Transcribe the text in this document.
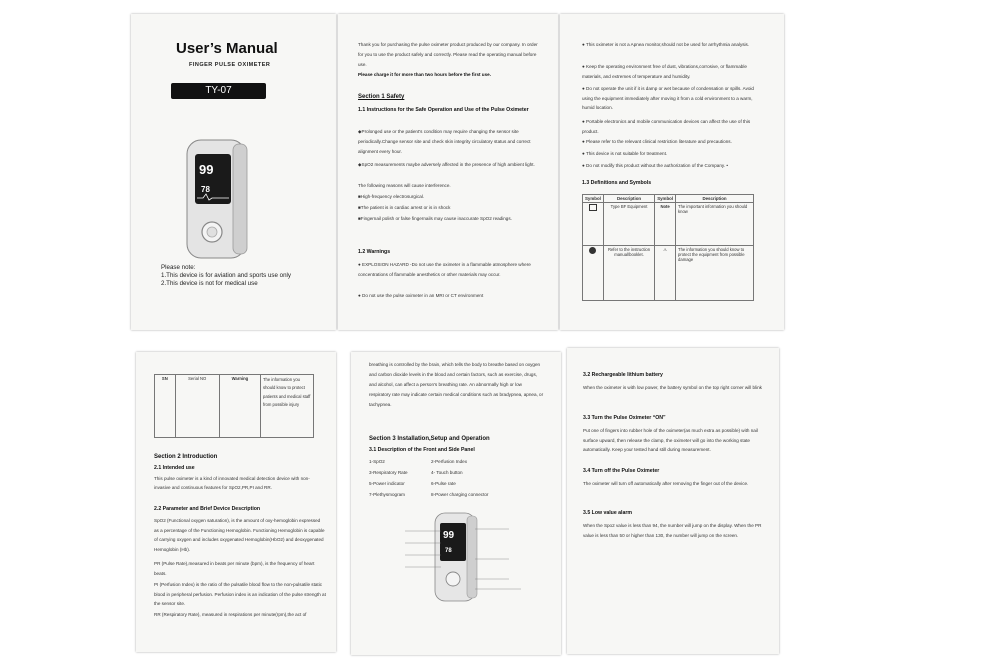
User’s Manual
FINGER PULSE OXIMETER
TY-07
99
78
Please note:
1.This device is for aviation and sports use only
2.This device is not for medical use
Thank you for purchasing the pulse oximeter product produced by our company. In order for you to use the product safely and correctly. Please read the operating manual before use.
Please charge it for more than two hours before the first use.
Section 1 Safety
1.1 Instructions for the Safe Operation and Use of the Pulse Oximeter
◆Prolonged use or the patient's condition may require changing the sensor site periodically.Change sensor site and check skin integrity circulatory status and correct alignment every hour.
◆SpO2 measurements maybe adversely affected in the presence of high ambient light.
The following reasons will cause interference.
■High-frequency electrosurgical.
■The patient is in cardiac arrest or is in shock
■Fingernail polish or false fingernails may cause inaccurate SpO2 readings.
1.2 Warnings
● EXPLOSION HAZARD -Do not use the oximeter in a flammable atmosphere where concentrations of flammable anesthetics or other materials may occur.
● Do not use the pulse oximeter in an MRI or CT environment
● This oximeter is not a Apnea monitor,should not be used for arrhythmia analysis.
● Keep the operating environment free of dust, vibrations,corrosive, or flammable materials, and extremes of temperature and humidity.
● Do not operate the unit if it is damp or wet because of condensation or spills. Avoid using the equipment immediately after moving it from a cold environment to a warm, humid location.
● Portable electronics and mobile communication devices can affect the use of this product.
● Please refer to the relevant clinical restriction literature and precautions.
● This device is not suitable for treatment.
● Do not modify this product without the authorization of the Company. •
1.3 Definitions and Symbols
Symbol	Description	Symbol	Description
	Type BF Equipment	Note	The important information you should know
	Refer to the instruction manual/booklet.	⚠	The information you should know to protect the equipment from possible damage
SN	Serial NO	Warning	The information you should know to protect patients and medical staff from possible injury
Section 2 Introduction
2.1 Intended use
This pulse oximeter is a kind of innovated medical detection device with non-invasive and continuous features for SpO2,PR,PI and RR.
2.2 Parameter and Brief Device Description
SpO2 (Functional oxygen saturation), is the amount of oxy-hemoglobin expressed as a percentage of the Functioning Hemoglobin. Functioning Hemoglobin is capable of carrying oxygen and includes oxygenated Hemoglobin(HbO2) and deoxygenated Hemoglobin (Hb).
PR (Pulse Rate),measured in beats per minute (bpm), is the frequency of heart beats.
PI (Perfusion Index) is the ratio of the pulsatile blood flow to the non-pulsatile static blood in peripheral perfusion. Perfusion index is an indication of the pulse strength at the sensor site.
RR (Respiratory Rate), measured in respirations per minute(rpm),the act of
breathing is controlled by the brain, which tells the body to breathe based on oxygen and carbon dioxide levels in the blood and certain factors, such as exercise, drugs, and alcohol, can affect a person's breathing rate. An abnormally high or low respiratory rate may indicate certain medical conditions such as bradypnea, apnea, or tachypnea.
Section 3 Installation,Setup and Operation
3.1 Description of the Front and Side Panel
1-SpO2
3-Respiratory Rate
5-Power indicator
7-Plethysmogram
2-Perfusion Index
4- Touch button
6-Pulse rate
8-Power charging connector
99
78
3.2 Rechargeable lithium battery
When the oximeter is with low power, the battery symbol on the top right corner will blink
3.3 Turn the Pulse Oximeter “ON”
Put one of fingers into rubber hole of the oximeter(as much extra as possible) with nail surface upward, then release the clamp, the oximeter will go into the working state automatically. Keep your tested hand still during measurement.
3.4 Turn off the Pulse Oximeter
The oximeter will turn off automatically after removing the finger out of the device.
3.5 Low value alarm
When the Spo2 value is less than 94, the number will jump on the display. When the PR value is less than 50 or higher than 130, the number will jump on the screen.
